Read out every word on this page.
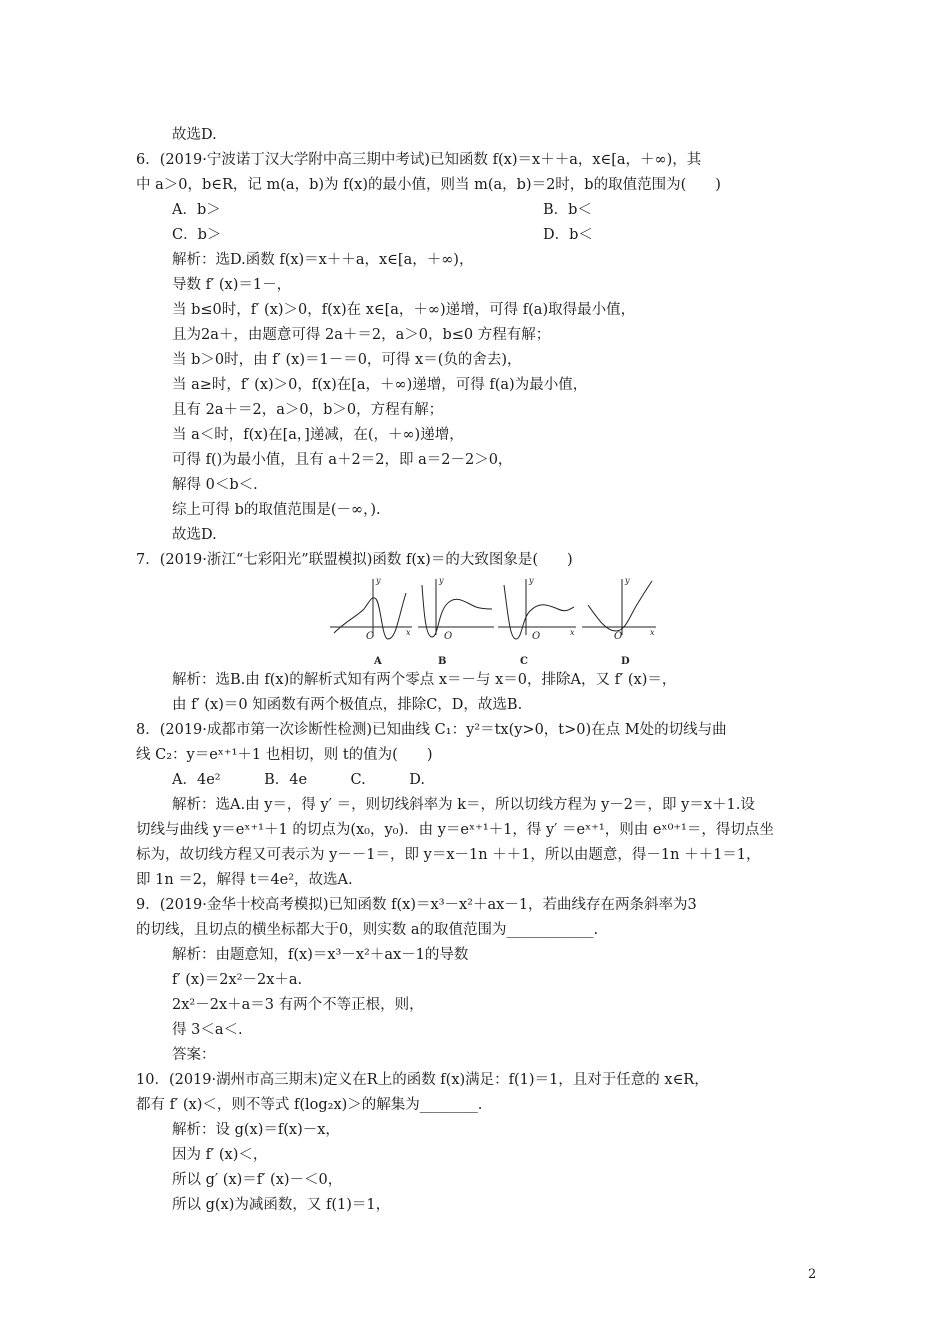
故选D.
6．(2019·宁波诺丁汉大学附中高三期中考试)已知函数 f(x)＝x＋＋a，x∈[a，＋∞)，其
中 a＞0，b∈R，记 m(a，b)为 f(x)的最小值，则当 m(a，b)＝2时，b的取值范围为(　　)
A．b＞	B．b＜
C．b＞	D．b＜
解析：选D.函数 f(x)＝x＋＋a，x∈[a，＋∞)，
导数 f′ (x)＝1－，
当 b≤0时，f′ (x)＞0，f(x)在 x∈[a，＋∞)递增，可得 f(a)取得最小值，
且为2a＋，由题意可得 2a＋＝2，a＞0，b≤0 方程有解；
当 b＞0时，由 f′ (x)＝1－＝0，可得 x＝(负的舍去)，
当 a≥时，f′ (x)＞0，f(x)在[a，＋∞)递增，可得 f(a)为最小值，
且有 2a＋＝2，a＞0，b＞0，方程有解；
当 a＜时，f(x)在[a，]递减，在(，＋∞)递增，
可得 f()为最小值，且有 a＋2＝2，即 a＝2－2＞0，
解得 0＜b＜.
综上可得 b的取值范围是(－∞，).
故选D.
7．(2019·浙江“七彩阳光”联盟模拟)函数 f(x)＝的大致图象是(　　)
O	x
y
A
O
y
B
O	x
y
C
O	x
y
D
解析：选B.由 f(x)的解析式知有两个零点 x＝－与 x＝0，排除A，又 f′ (x)＝，
由 f′ (x)＝0 知函数有两个极值点，排除C，D，故选B.
8．(2019·成都市第一次诊断性检测)已知曲线 C₁：y²＝tx(y>0，t>0)在点 M处的切线与曲
线 C₂：y＝eˣ⁺¹＋1 也相切，则 t的值为(　　)
A．4e²　　　B．4e　　　C.　　　D.
解析：选A.由 y＝，得 y′ ＝，则切线斜率为 k＝，所以切线方程为 y－2＝，即 y＝x＋1.设
切线与曲线 y＝eˣ⁺¹＋1 的切点为(x₀，y₀)．由 y＝eˣ⁺¹＋1，得 y′ ＝eˣ⁺¹，则由 eˣ⁰⁺¹＝，得切点坐
标为，故切线方程又可表示为 y－－1＝，即 y＝x－1n ＋＋1，所以由题意，得－1n ＋＋1＝1，
即 1n ＝2，解得 t＝4e²，故选A.
9．(2019·金华十校高考模拟)已知函数 f(x)＝x³－x²＋ax－1，若曲线存在两条斜率为3
的切线，且切点的横坐标都大于0，则实数 a的取值范围为____________.
解析：由题意知，f(x)＝x³－x²＋ax－1的导数
f′ (x)＝2x²－2x＋a.
2x²－2x＋a＝3 有两个不等正根，则，
得 3＜a＜.
答案：
10．(2019·湖州市高三期末)定义在R上的函数 f(x)满足：f(1)＝1，且对于任意的 x∈R，
都有 f′ (x)＜，则不等式 f(log₂x)＞的解集为________.
解析：设 g(x)＝f(x)－x，
因为 f′ (x)＜，
所以 g′ (x)＝f′ (x)－＜0，
所以 g(x)为减函数，又 f(1)＝1，
2
